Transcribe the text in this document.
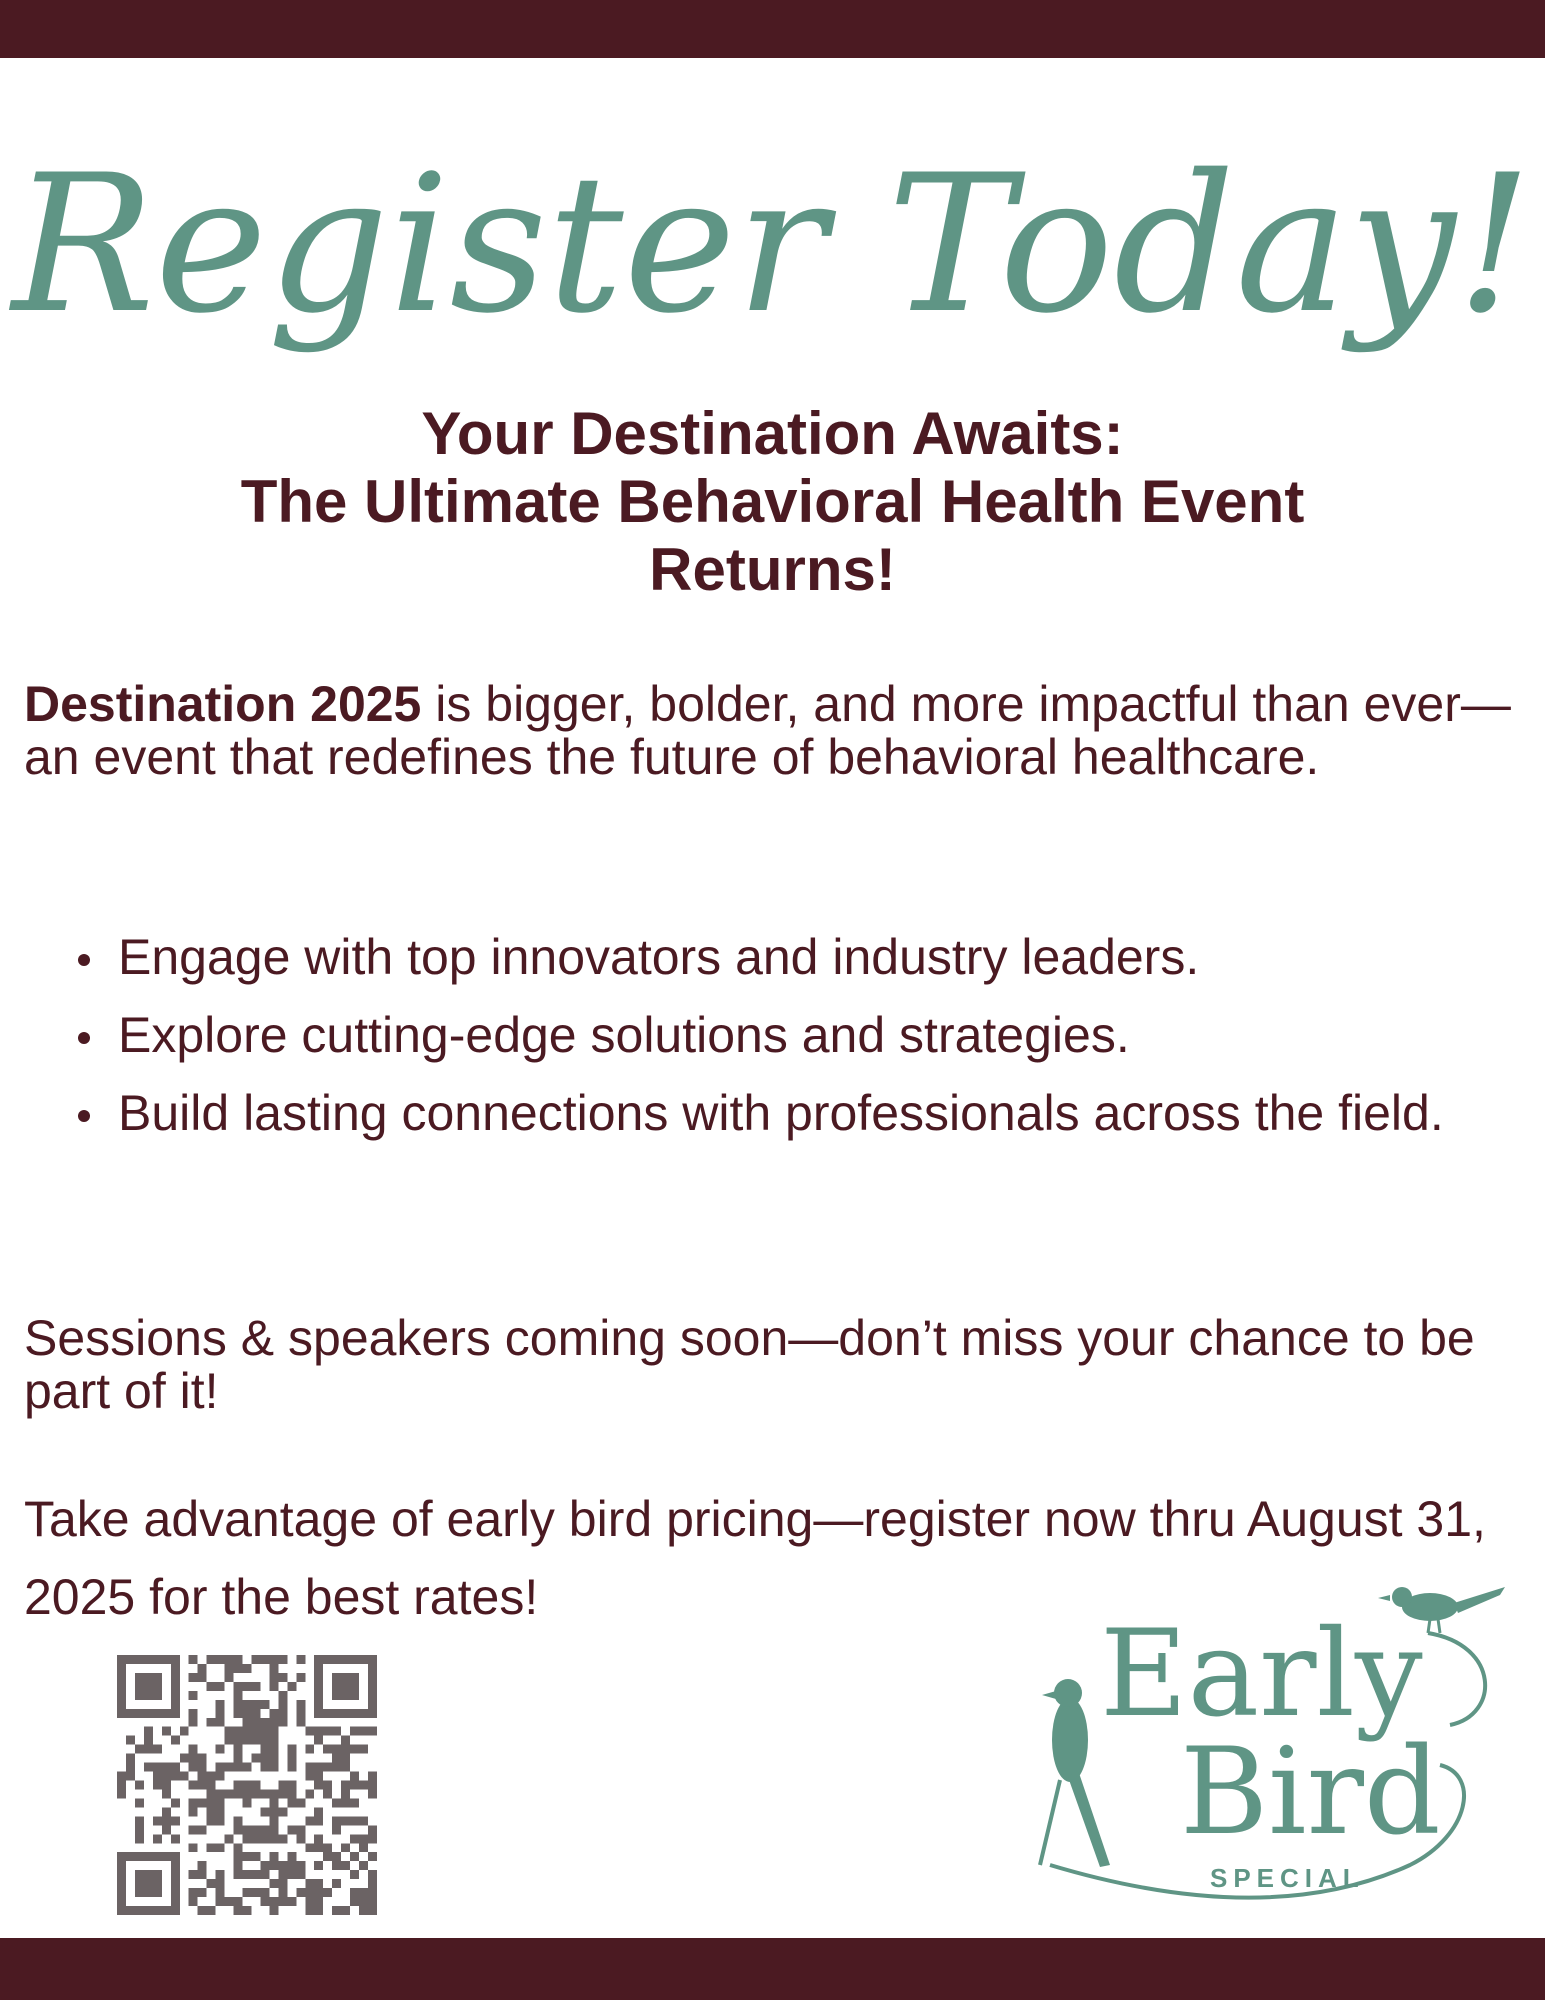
Register Today!
Your Destination Awaits:
The Ultimate Behavioral Health Event
Returns!
Destination 2025 is bigger, bolder, and more impactful than ever—an event that redefines the future of behavioral healthcare.
Engage with top innovators and industry leaders.
Explore cutting-edge solutions and strategies.
Build lasting connections with professionals across the field.
Sessions & speakers coming soon—don’t miss your chance to be part of it!
Take advantage of early bird pricing—register now thru August 31, 2025 for the best rates!
Early
Bird
SPECIAL
